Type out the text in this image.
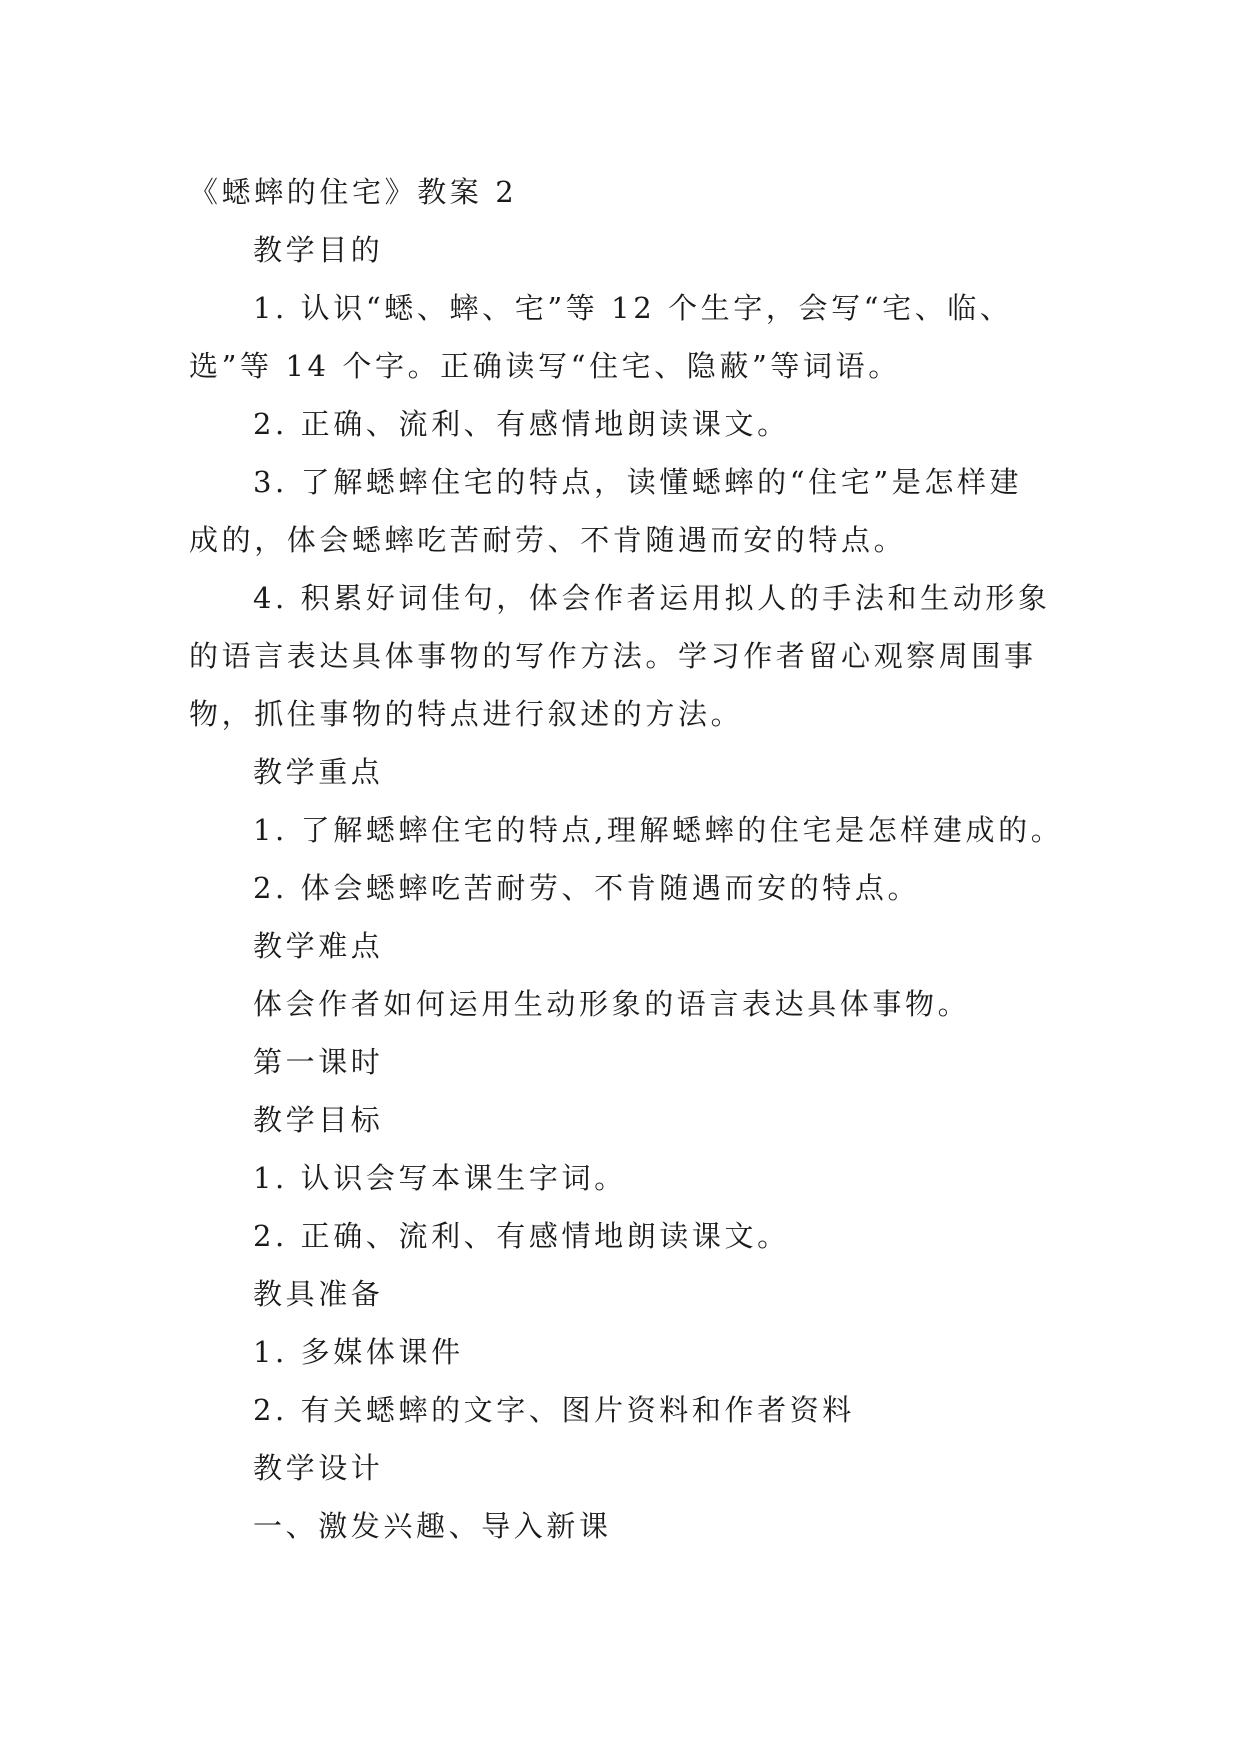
《蟋蟀的住宅》教案 2

教学目的

1. 认识“蟋、蟀、宅”等 12 个生字，会写“宅、临、

选”等 14 个字。正确读写“住宅、隐蔽”等词语。

2. 正确、流利、有感情地朗读课文。

3. 了解蟋蟀住宅的特点，读懂蟋蟀的“住宅”是怎样建

成的，体会蟋蟀吃苦耐劳、不肯随遇而安的特点。

4. 积累好词佳句，体会作者运用拟人的手法和生动形象

的语言表达具体事物的写作方法。学习作者留心观察周围事

物，抓住事物的特点进行叙述的方法。

教学重点

1. 了解蟋蟀住宅的特点,理解蟋蟀的住宅是怎样建成的。

2. 体会蟋蟀吃苦耐劳、不肯随遇而安的特点。

教学难点

体会作者如何运用生动形象的语言表达具体事物。

第一课时

教学目标

1. 认识会写本课生字词。

2. 正确、流利、有感情地朗读课文。

教具准备

1. 多媒体课件

2. 有关蟋蟀的文字、图片资料和作者资料

教学设计

一、激发兴趣、导入新课
